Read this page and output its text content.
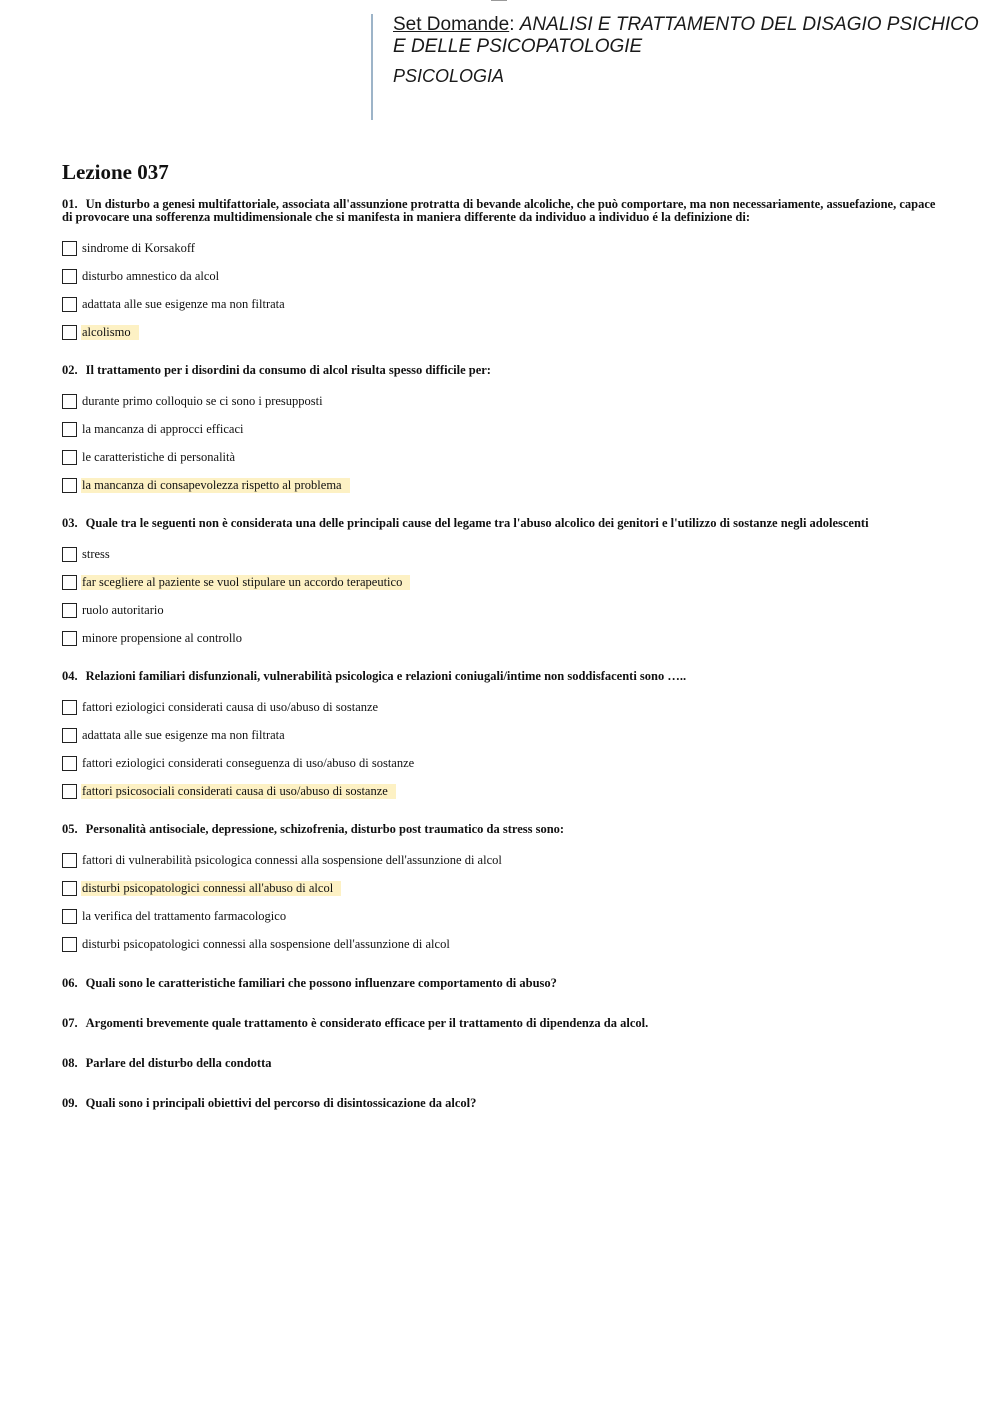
Set Domande: ANALISI E TRATTAMENTO DEL DISAGIO PSICHICO E DELLE PSICOPATOLOGIE
PSICOLOGIA
Lezione 037
01. Un disturbo a genesi multifattoriale, associata all'assunzione protratta di bevande alcoliche, che può comportare, ma non necessariamente, assuefazione, capace di provocare una sofferenza multidimensionale che si manifesta in maniera differente da individuo a individuo é la definizione di:
sindrome di Korsakoff
disturbo amnestico da alcol
adattata alle sue esigenze ma non filtrata
alcolismo
02. Il trattamento per i disordini da consumo di alcol risulta spesso difficile per:
durante primo colloquio se ci sono i presupposti
la mancanza di approcci efficaci
le caratteristiche di personalità
la mancanza di consapevolezza rispetto al problema
03. Quale tra le seguenti non è considerata una delle principali cause del legame tra l'abuso alcolico dei genitori e l'utilizzo di sostanze negli adolescenti
stress
far scegliere al paziente se vuol stipulare un accordo terapeutico
ruolo autoritario
minore propensione al controllo
04. Relazioni familiari disfunzionali, vulnerabilità psicologica e relazioni coniugali/intime non soddisfacenti sono …..
fattori eziologici considerati causa di uso/abuso di sostanze
adattata alle sue esigenze ma non filtrata
fattori eziologici considerati conseguenza di uso/abuso di sostanze
fattori psicosociali considerati causa di uso/abuso di sostanze
05. Personalità antisociale, depressione, schizofrenia, disturbo post traumatico da stress sono:
fattori di vulnerabilità psicologica connessi alla sospensione dell'assunzione di alcol
disturbi psicopatologici connessi all'abuso di alcol
la verifica del trattamento farmacologico
disturbi psicopatologici connessi alla sospensione dell'assunzione di alcol
06. Quali sono le caratteristiche familiari che possono influenzare comportamento di abuso?
07. Argomenti brevemente quale trattamento è considerato efficace per il trattamento di dipendenza da alcol.
08. Parlare del disturbo della condotta
09. Quali sono i principali obiettivi del percorso di disintossicazione da alcol?
